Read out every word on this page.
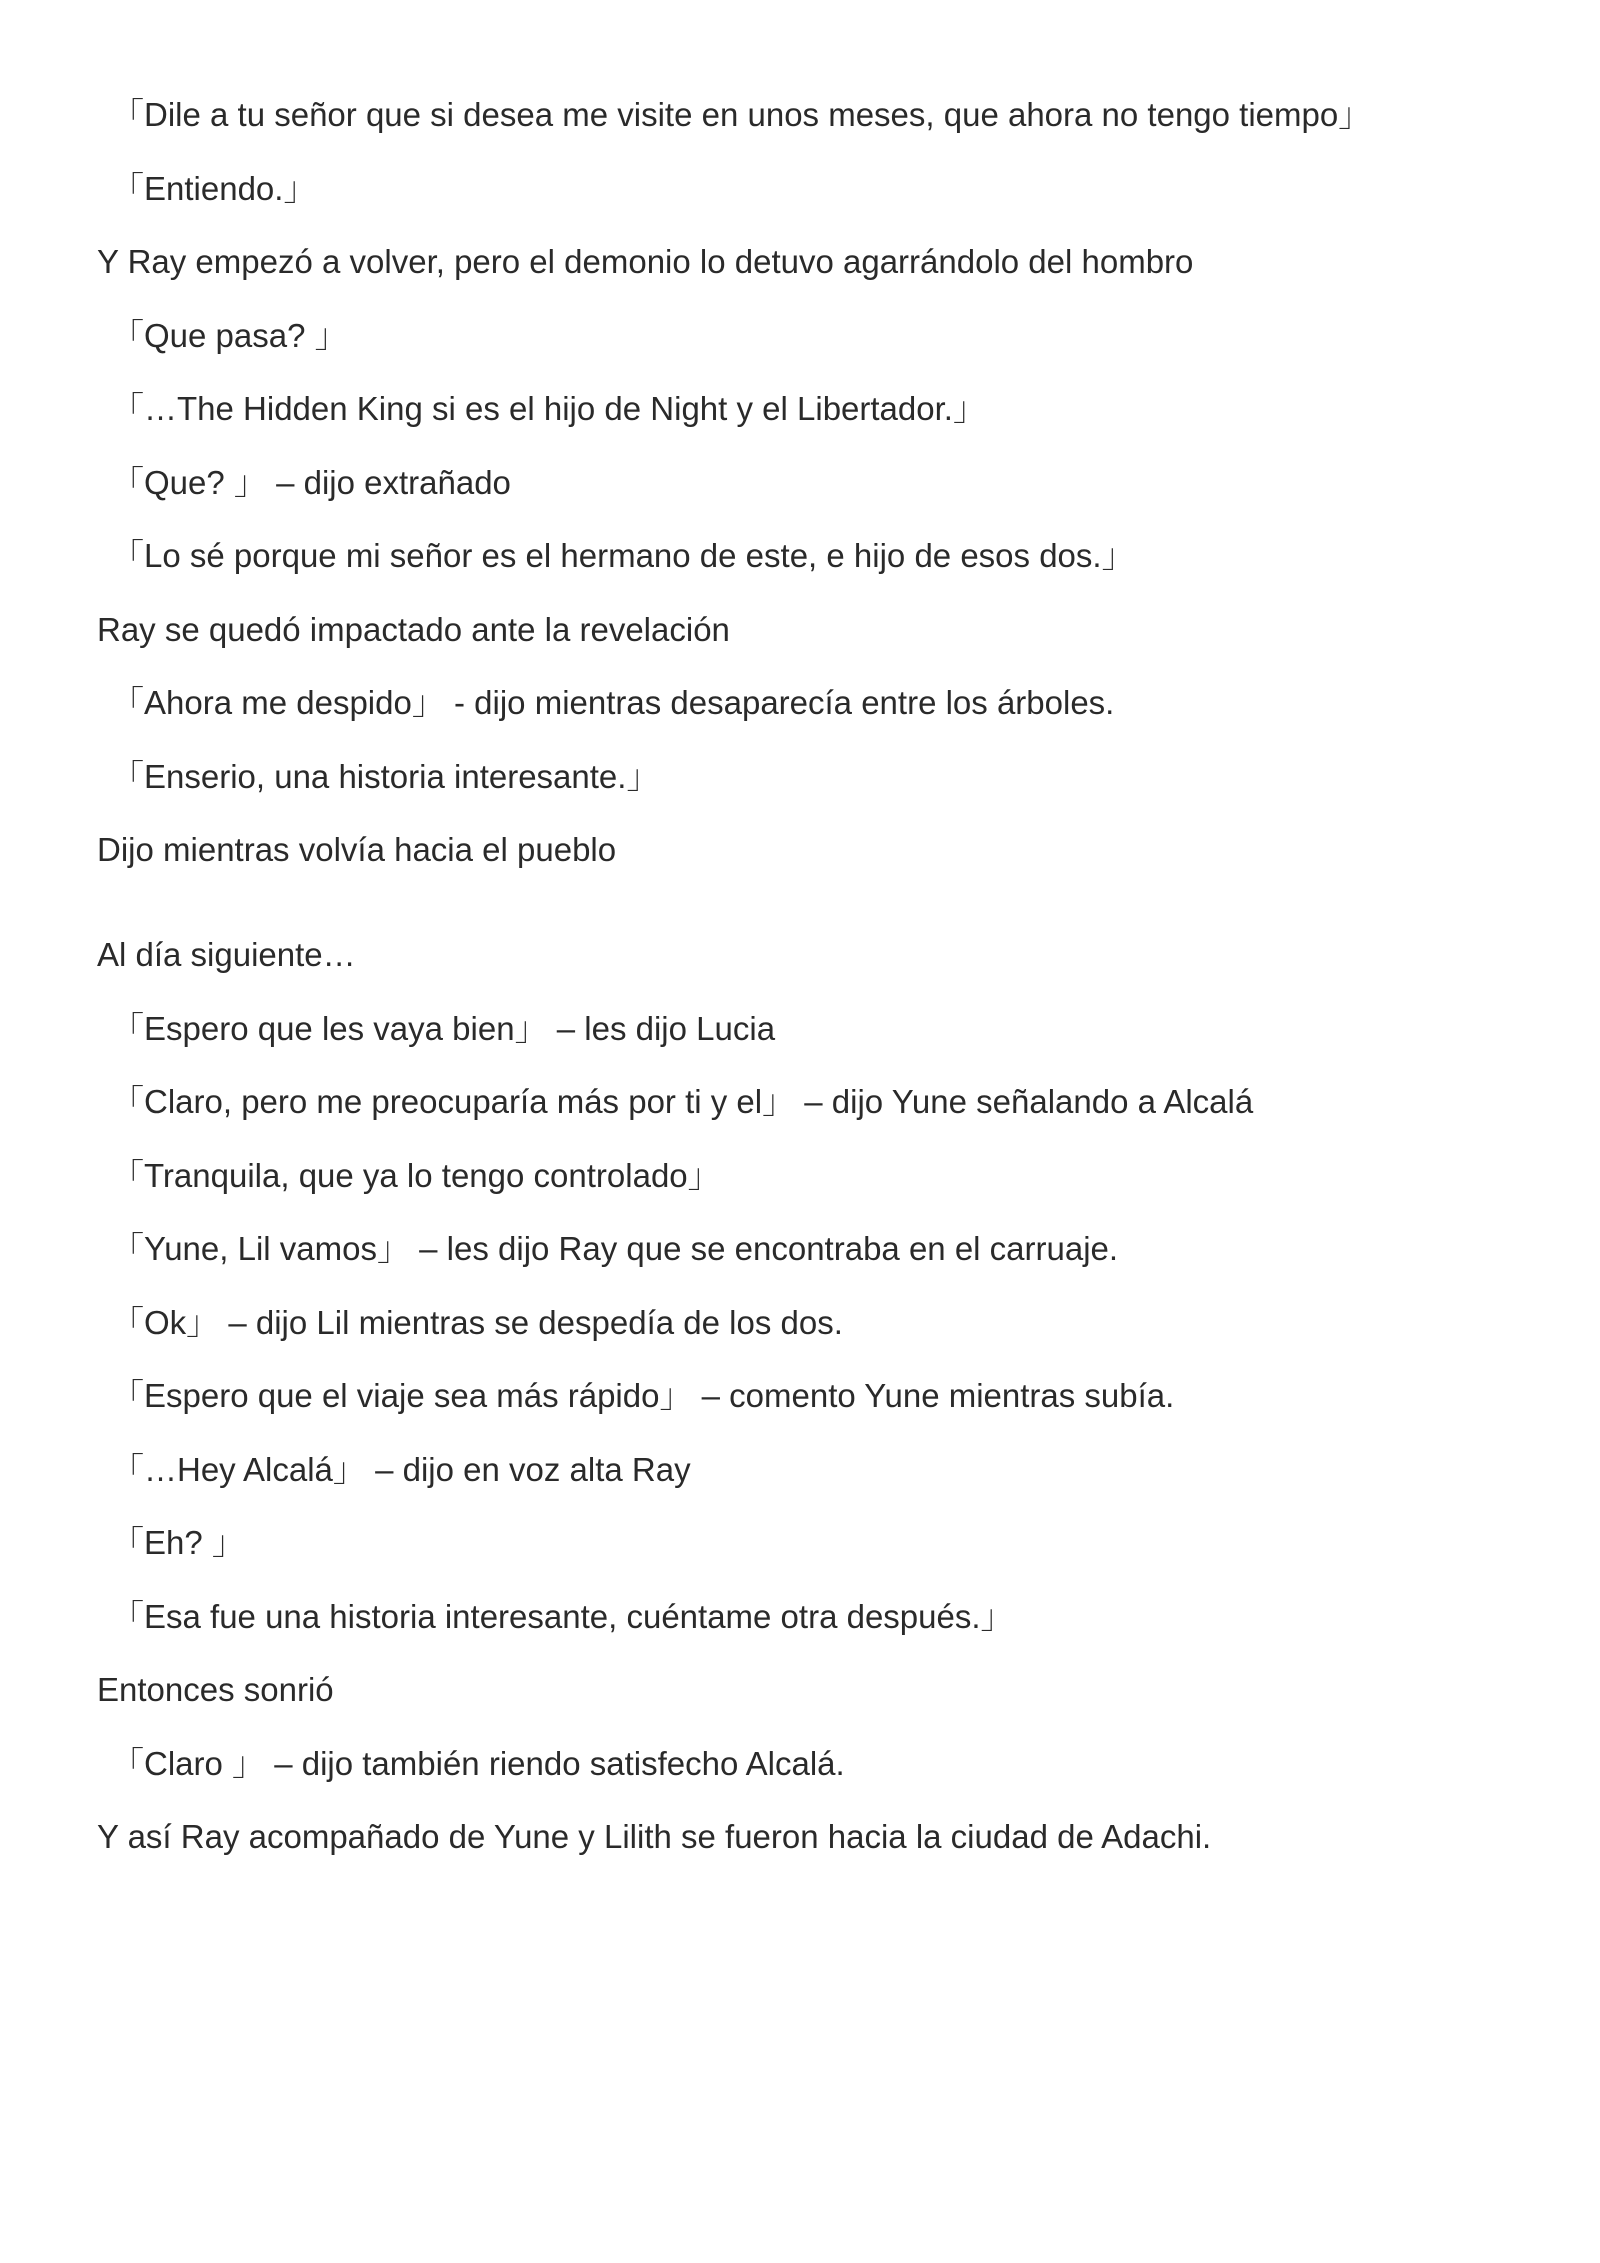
「Dile a tu señor que si desea me visite en unos meses, que ahora no tengo tiempo」
「Entiendo.」
Y Ray empezó a volver, pero el demonio lo detuvo agarrándolo del hombro
「Que pasa? 」
「…The Hidden King si es el hijo de Night y el Libertador.」
「Que? 」 – dijo extrañado
「Lo sé porque mi señor es el hermano de este, e hijo de esos dos.」
Ray se quedó impactado ante la revelación
「Ahora me despido」 - dijo mientras desaparecía entre los árboles.
「Enserio, una historia interesante.」
Dijo mientras volvía hacia el pueblo
Al día siguiente…
「Espero que les vaya bien」 – les dijo Lucia
「Claro, pero me preocuparía más por ti y el」 – dijo Yune señalando a Alcalá
「Tranquila, que ya lo tengo controlado」
「Yune, Lil vamos」 – les dijo Ray que se encontraba en el carruaje.
「Ok」 – dijo Lil mientras se despedía de los dos.
「Espero que el viaje sea más rápido」 – comento Yune mientras subía.
「…Hey Alcalá」 – dijo en voz alta Ray
「Eh? 」
「Esa fue una historia interesante, cuéntame otra después.」
Entonces sonrió
「Claro 」 – dijo también riendo satisfecho Alcalá.
Y así Ray acompañado de Yune y Lilith se fueron hacia la ciudad de Adachi.
